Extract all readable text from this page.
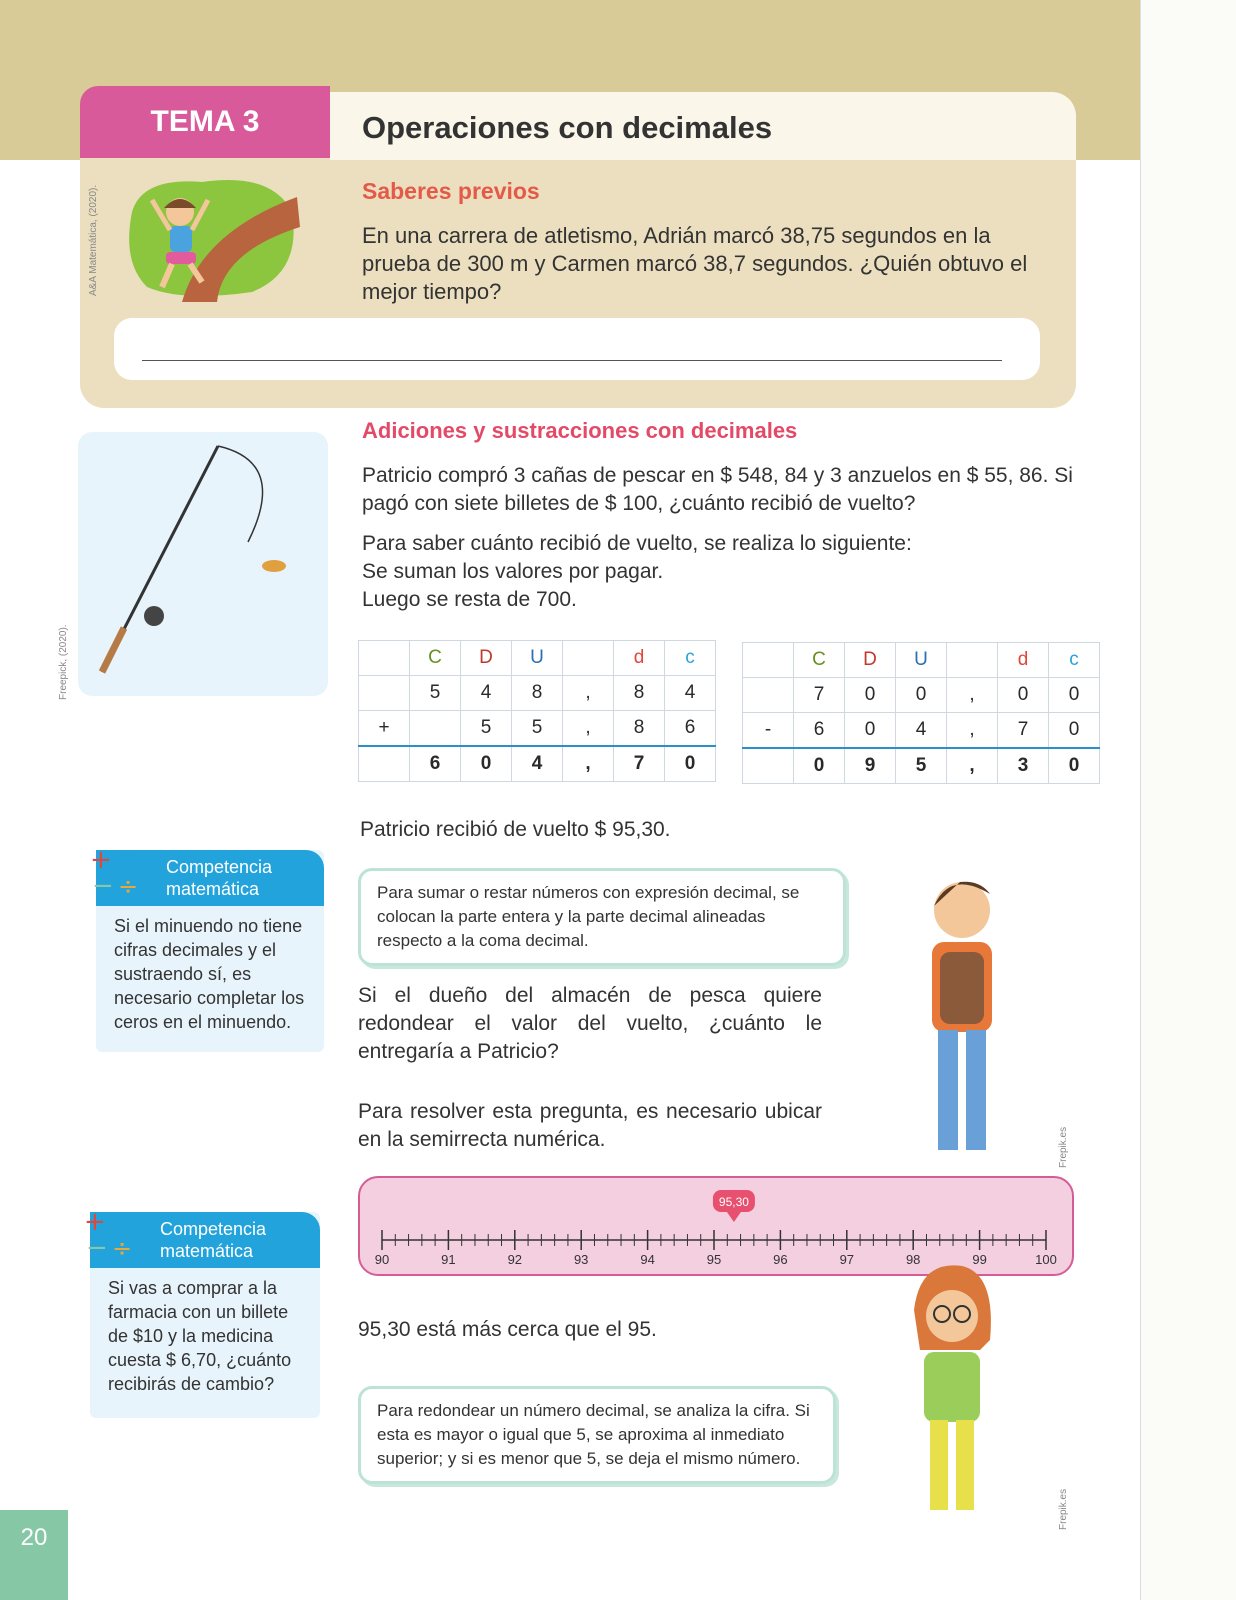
TEMA 3	Operaciones con decimales
A&A Matemática, (2020).	Saberes previos
En una carrera de atletismo, Adrián marcó 38,75 segundos en la prueba de 300 m y Carmen marcó 38,7 segundos. ¿Quién obtuvo el mejor tiempo?
Adiciones y sustracciones con decimales
Patricio compró 3 cañas de pescar en $ 548, 84 y 3 anzuelos en $ 55, 86. Si pagó con siete billetes de $ 100, ¿cuánto recibió de vuelto?
Para saber cuánto recibió de vuelto, se realiza lo siguiente:
Se suman los valores por pagar.
Luego se resta de 700.
Freepick, (2020).
		C	D	U		d	c
	5	4	8	,	8	4
+		5	5	,	8	6
	6	0	4	,	7	0
	C	D	U		d	c
	7	0	0	,	0	0
-	6	0	4	,	7	0
	0	9	5	,	3	0
Patricio recibió de vuelto $ 95,30.
+ ×
− ÷
Competencia
matemática
Si el minuendo no tiene cifras decimales y el sustraendo sí, es necesario completar los ceros en el minuendo.
Para sumar o restar números con expresión decimal, se colocan la parte entera y la parte decimal alineadas respecto a la coma decimal.
Si el dueño del almacén de pesca quiere redondear el valor del vuelto, ¿cuánto le entregaría a Patricio?
Para resolver esta pregunta, es necesario ubicar en la semirrecta numérica.	Frepik.es
+ ×
− ÷
Competencia
matemática
Si vas a comprar a la farmacia con un billete de $10 y la medicina cuesta $ 6,70, ¿cuánto recibirás de cambio?
90	91	92	93	94	95	96	97	98	99	100
95,30
95,30 está más cerca que el 95.
Para redondear un número decimal, se analiza la cifra. Si esta es mayor o igual que 5, se aproxima al inmediato superior; y si es menor que 5, se deja el mismo número.
Frepik.es
20
